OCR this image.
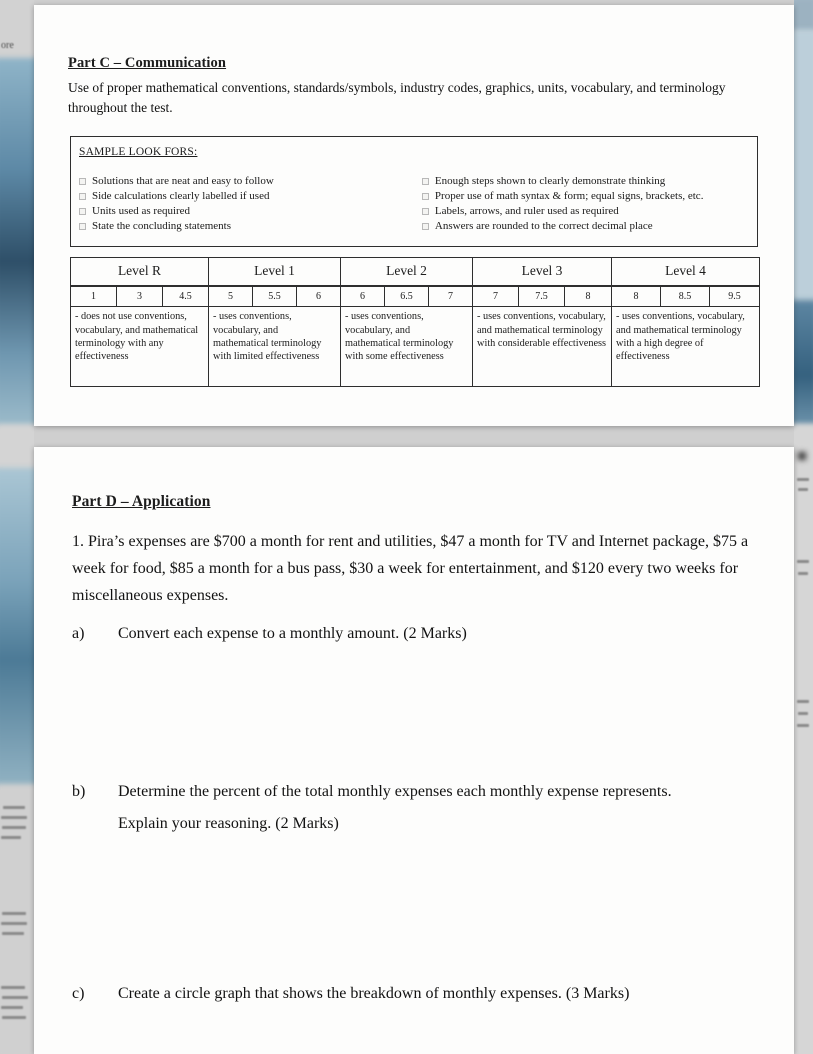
ore
Part C – Communication

Use of proper mathematical conventions, standards/symbols, industry codes, graphics, units, vocabulary, and terminology throughout the test.

SAMPLE LOOK FORS:
Solutions that are neat and easy to follow
Side calculations clearly labelled if used
Units used as required
State the concluding statements
Enough steps shown to clearly demonstrate thinking
Proper use of math syntax & form; equal signs, brackets, etc.
Labels, arrows, and ruler used as required
Answers are rounded to the correct decimal place
Level R			Level 1			Level 2			Level 3			Level 4		
1	3	4.5	5	5.5	6	6	6.5	7	7	7.5	8	8	8.5	9.5
- does not use conventions, vocabulary, and mathematical terminology with any effectiveness			- uses conventions, vocabulary, and mathematical terminology with limited effectiveness			- uses conventions, vocabulary, and mathematical terminology with some effectiveness			- uses conventions, vocabulary, and mathematical terminology with considerable effectiveness			- uses conventions, vocabulary, and mathematical terminology with a high degree of effectiveness		
Part D – Application

1. Pira’s expenses are $700 a month for rent and utilities, $47 a month for TV and Internet package, $75 a week for food, $85 a month for a bus pass, $30 a week for entertainment, and $120 every two weeks for miscellaneous expenses.

a)	Convert each expense to a monthly amount. (2 Marks)
b)	Determine the percent of the total monthly expenses each monthly expense represents.
Explain your reasoning. (2 Marks)
c)	Create a circle graph that shows the breakdown of monthly expenses. (3 Marks)
